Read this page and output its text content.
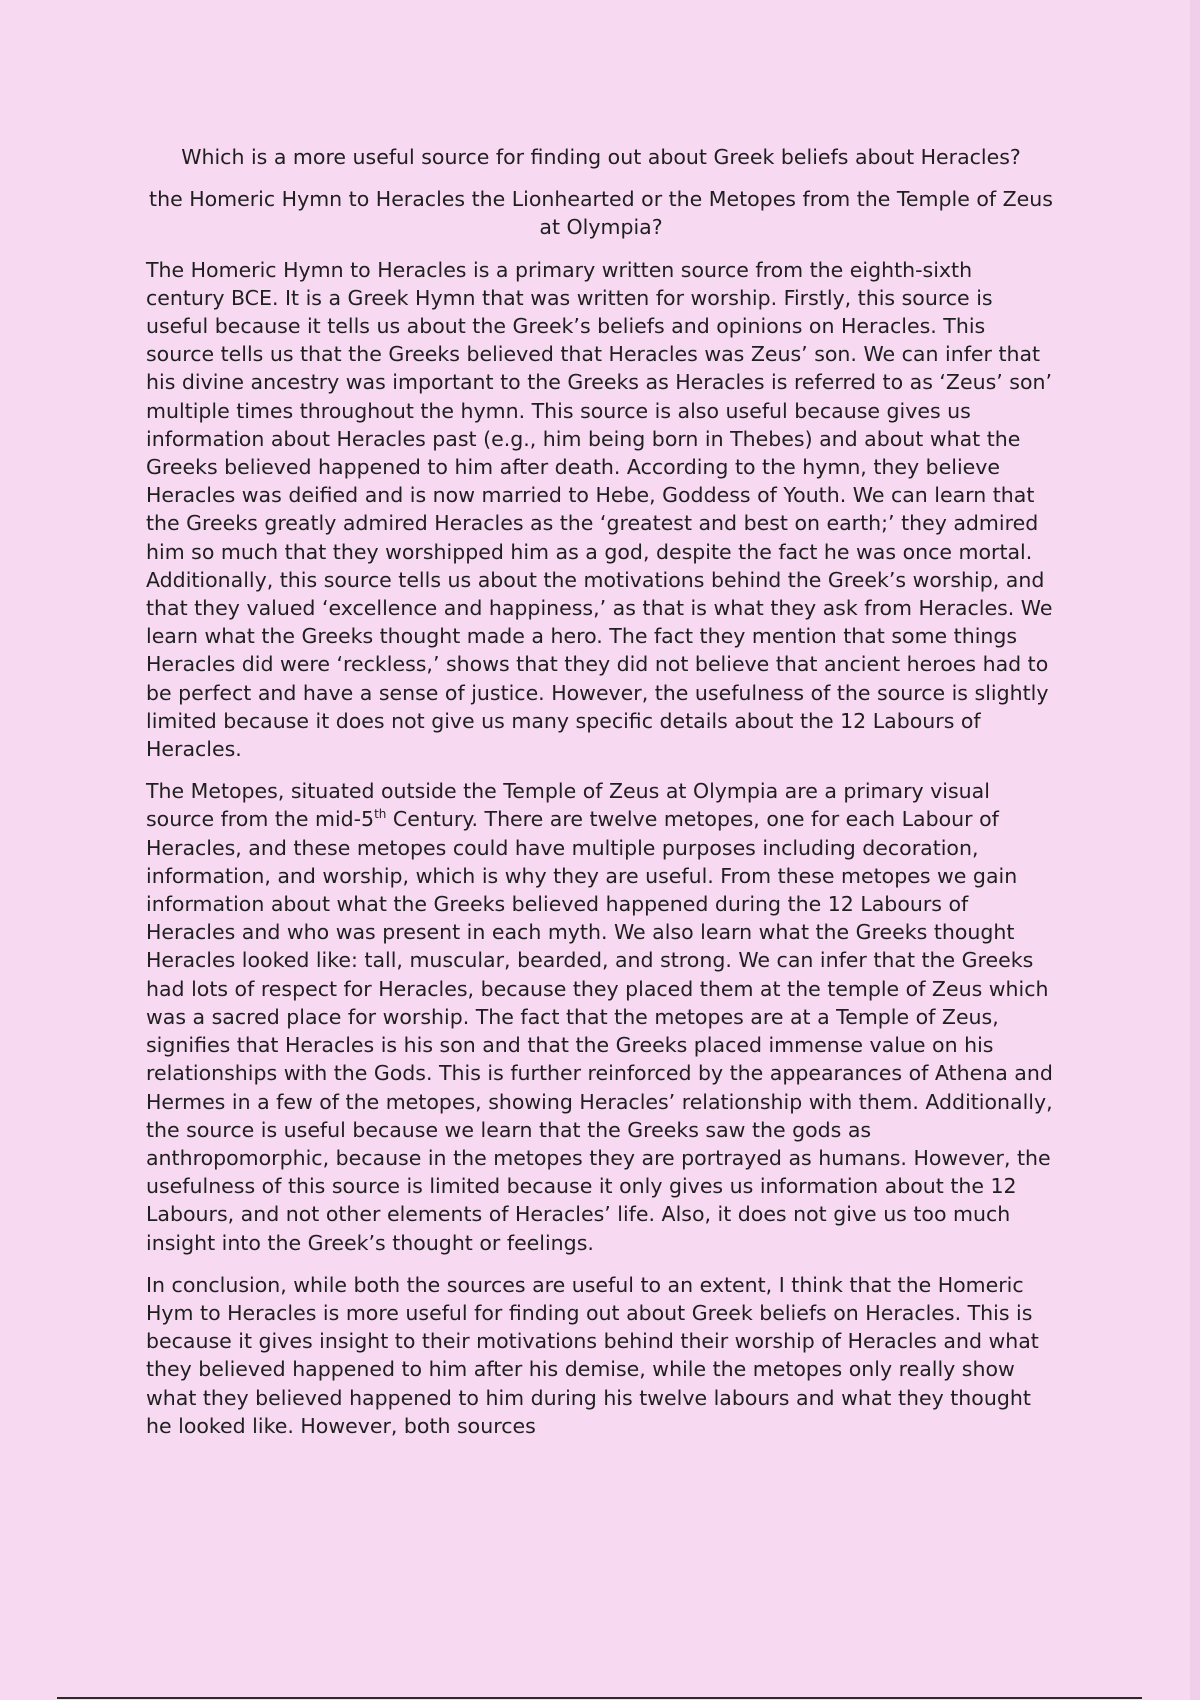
Which is a more useful source for finding out about Greek beliefs about Heracles?
the Homeric Hymn to Heracles the Lionhearted or the Metopes from the Temple of Zeus at Olympia?

The Homeric Hymn to Heracles is a primary written source from the eighth-sixth century BCE. It is a Greek Hymn that was written for worship. Firstly, this source is useful because it tells us about the Greek’s beliefs and opinions on Heracles. This source tells us that the Greeks believed that Heracles was Zeus’ son. We can infer that his divine ancestry was important to the Greeks as Heracles is referred to as ‘Zeus’ son’ multiple times throughout the hymn. This source is also useful because gives us information about Heracles past (e.g., him being born in Thebes) and about what the Greeks believed happened to him after death. According to the hymn, they believe Heracles was deified and is now married to Hebe, Goddess of Youth. We can learn that the Greeks greatly admired Heracles as the ‘greatest and best on earth;’ they admired him so much that they worshipped him as a god, despite the fact he was once mortal. Additionally, this source tells us about the motivations behind the Greek’s worship, and that they valued ‘excellence and happiness,’ as that is what they ask from Heracles. We learn what the Greeks thought made a hero. The fact they mention that some things Heracles did were ‘reckless,’ shows that they did not believe that ancient heroes had to be perfect and have a sense of justice. However, the usefulness of the source is slightly limited because it does not give us many specific details about the 12 Labours of Heracles.

The Metopes, situated outside the Temple of Zeus at Olympia are a primary visual source from the mid-5th Century. There are twelve metopes, one for each Labour of Heracles, and these metopes could have multiple purposes including decoration, information, and worship, which is why they are useful. From these metopes we gain information about what the Greeks believed happened during the 12 Labours of Heracles and who was present in each myth. We also learn what the Greeks thought Heracles looked like: tall, muscular, bearded, and strong. We can infer that the Greeks had lots of respect for Heracles, because they placed them at the temple of Zeus which was a sacred place for worship. The fact that the metopes are at a Temple of Zeus, signifies that Heracles is his son and that the Greeks placed immense value on his relationships with the Gods. This is further reinforced by the appearances of Athena and Hermes in a few of the metopes, showing Heracles’ relationship with them. Additionally, the source is useful because we learn that the Greeks saw the gods as anthropomorphic, because in the metopes they are portrayed as humans. However, the usefulness of this source is limited because it only gives us information about the 12 Labours, and not other elements of Heracles’ life. Also, it does not give us too much insight into the Greek’s thought or feelings.

In conclusion, while both the sources are useful to an extent, I think that the Homeric Hym to Heracles is more useful for finding out about Greek beliefs on Heracles. This is because it gives insight to their motivations behind their worship of Heracles and what they believed happened to him after his demise, while the metopes only really show what they believed happened to him during his twelve labours and what they thought he looked like. However, both sources
